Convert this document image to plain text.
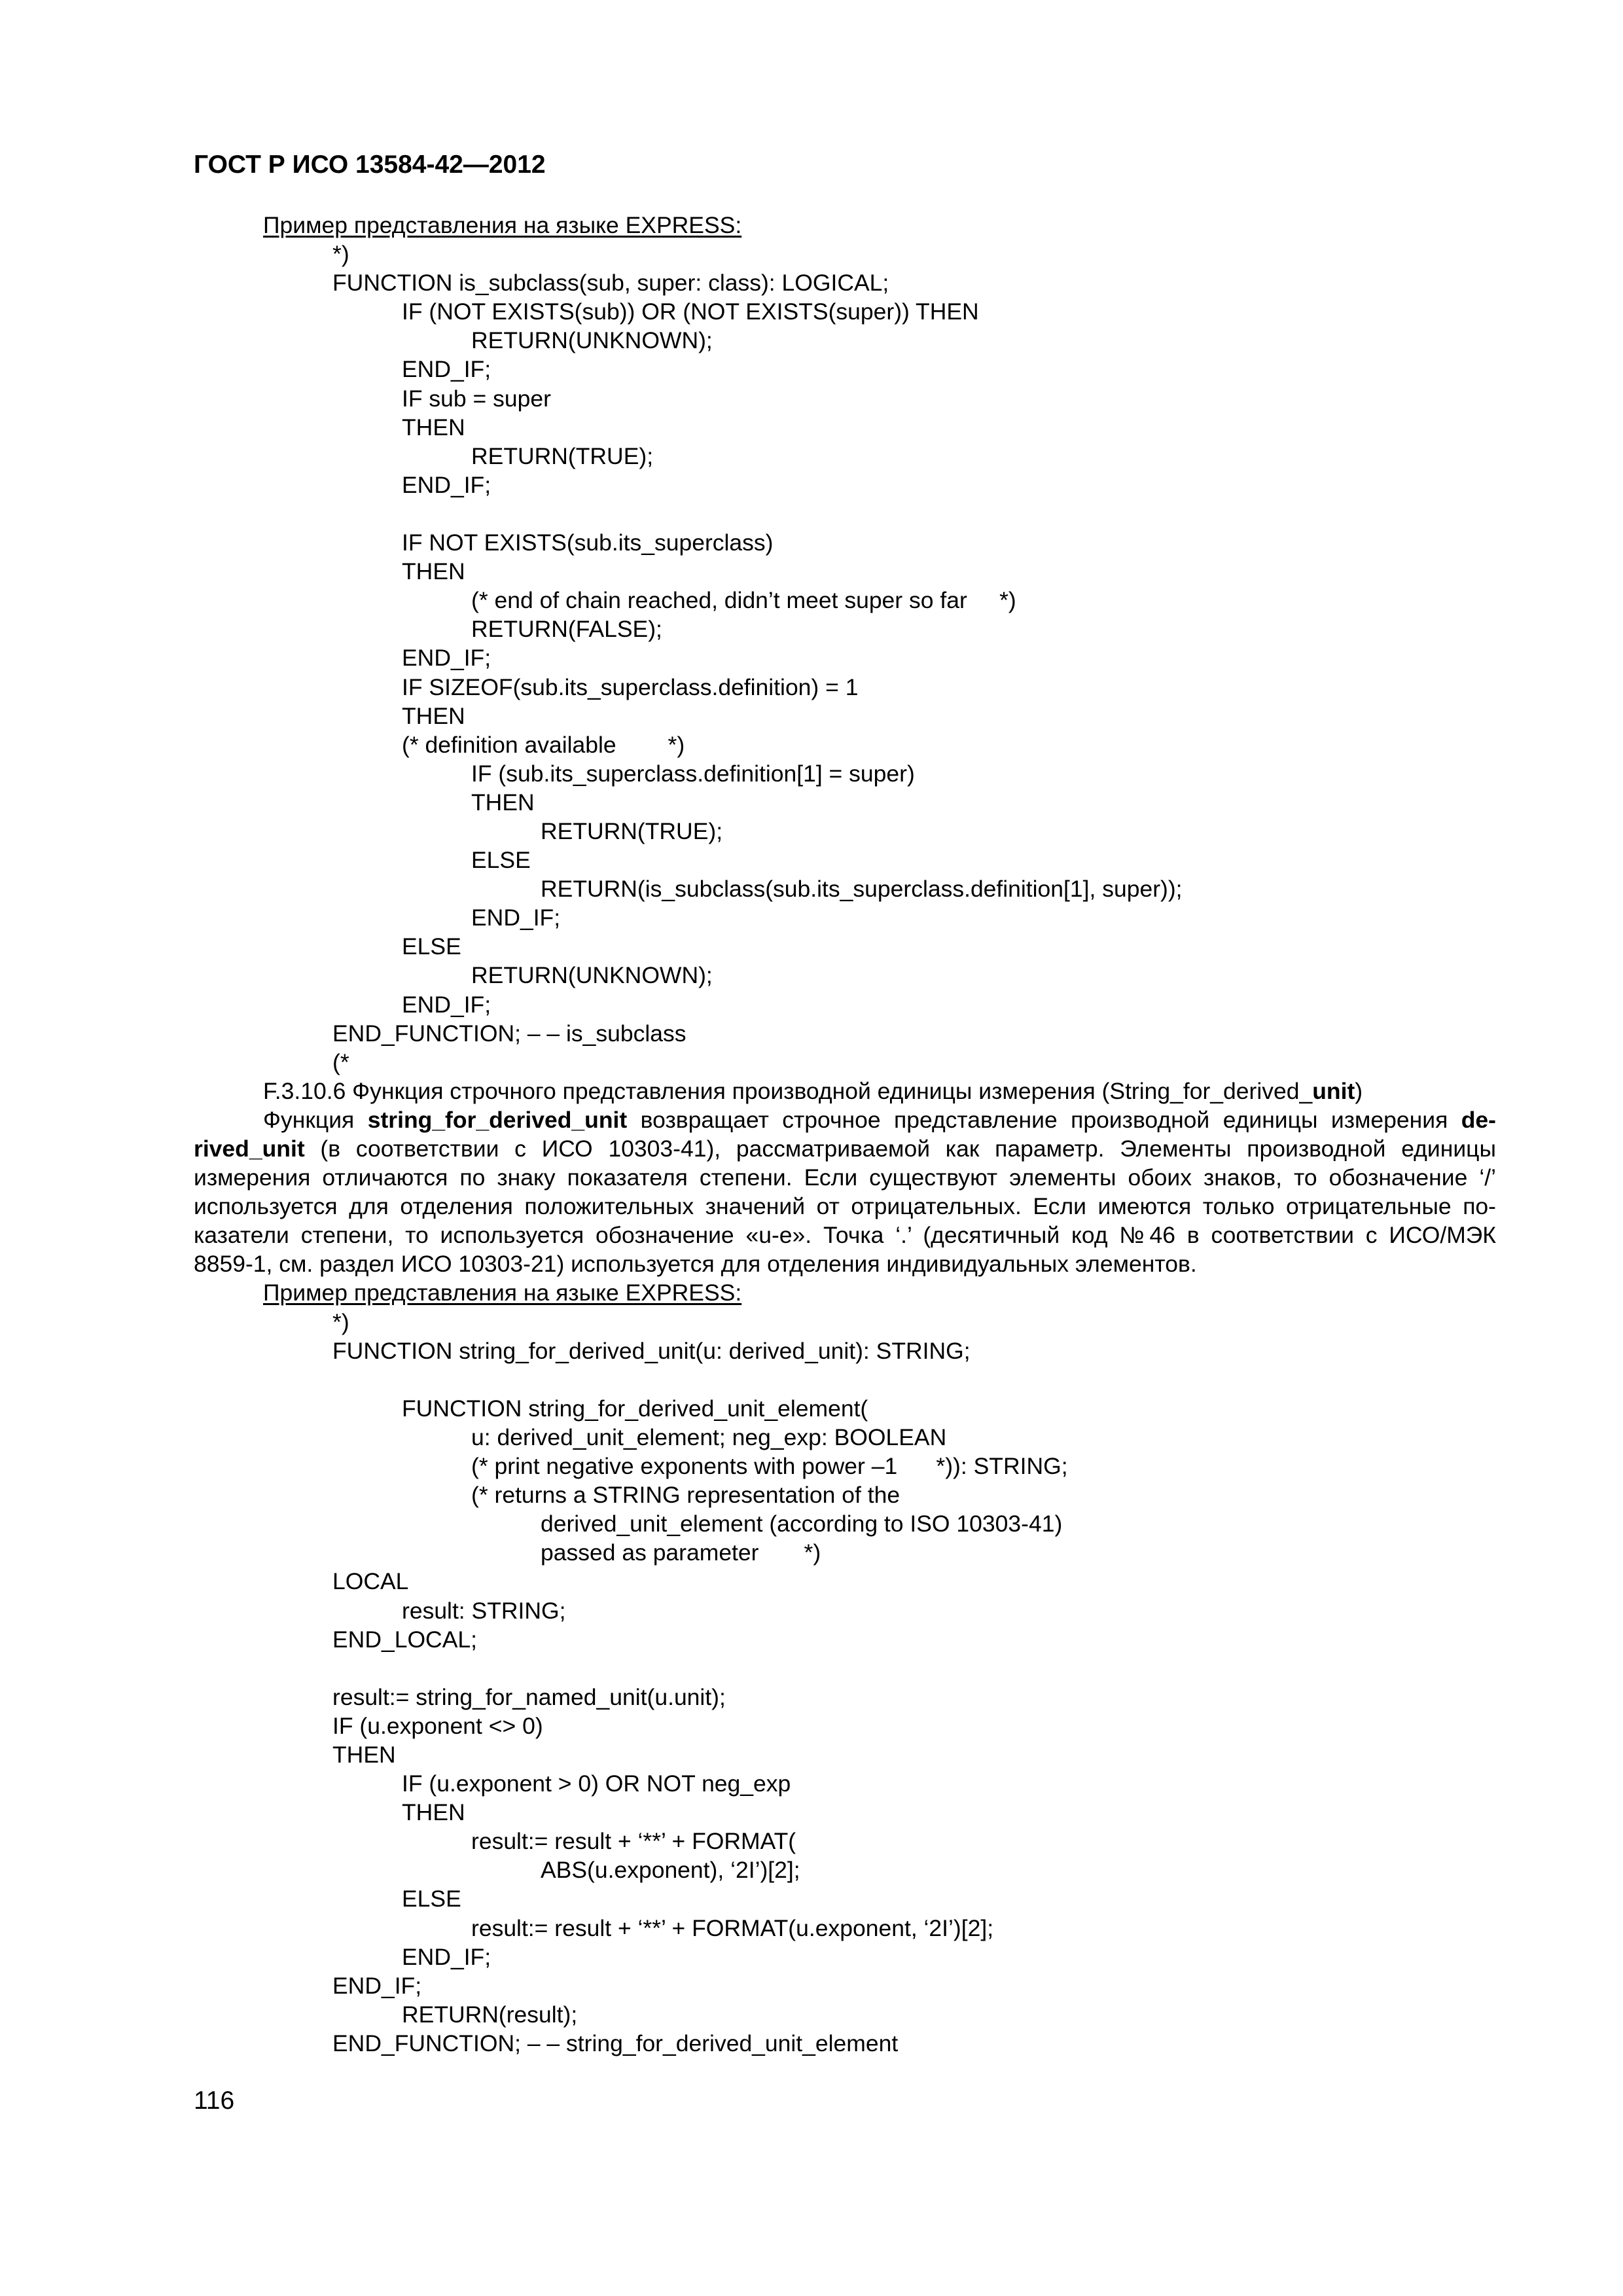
ГОСТ Р ИСО 13584-42—2012
Пример представления на языке EXPRESS:
*)
FUNCTION is_subclass(sub, super: class): LOGICAL;
IF (NOT EXISTS(sub)) OR (NOT EXISTS(super)) THEN
RETURN(UNKNOWN);
END_IF;
IF sub = super
THEN
RETURN(TRUE);
END_IF;
IF NOT EXISTS(sub.its_superclass)
THEN
(* end of chain reached, didn’t meet super so far     *)
RETURN(FALSE);
END_IF;
IF SIZEOF(sub.its_superclass.definition) = 1
THEN
(* definition available        *)
IF (sub.its_superclass.definition[1] = super)
THEN
RETURN(TRUE);
ELSE
RETURN(is_subclass(sub.its_superclass.definition[1], super));
END_IF;
ELSE
RETURN(UNKNOWN);
END_IF;
END_FUNCTION; – – is_subclass
(*
F.3.10.6 Функция строчного представления производной единицы измерения (String_for_derived_unit)
Функция string_for_derived_unit возвращает строчное представление производной единицы измерения de-
rived_unit (в соответствии с ИСО 10303-41), рассматриваемой как параметр. Элементы производной единицы
измерения отличаются по знаку показателя степени. Если существуют элементы обоих знаков, то обозначение ‘/’
используется для отделения положительных значений от отрицательных. Если имеются только отрицательные по-
казатели степени, то используется обозначение «u-e». Точка ‘.’ (десятичный код №46 в соответствии с ИСО/МЭК
8859-1, см. раздел ИСО 10303-21) используется для отделения индивидуальных элементов.
Пример представления на языке EXPRESS:
*)
FUNCTION string_for_derived_unit(u: derived_unit): STRING;
FUNCTION string_for_derived_unit_element(
u: derived_unit_element; neg_exp: BOOLEAN
(* print negative exponents with power –1      *)): STRING;
(* returns a STRING representation of the
derived_unit_element (according to ISO 10303-41)
passed as parameter       *)
LOCAL
result: STRING;
END_LOCAL;
result:= string_for_named_unit(u.unit);
IF (u.exponent <> 0)
THEN
IF (u.exponent > 0) OR NOT neg_exp
THEN
result:= result + ‘**’ + FORMAT(
ABS(u.exponent), ‘2I’)[2];
ELSE
result:= result + ‘**’ + FORMAT(u.exponent, ‘2I’)[2];
END_IF;
END_IF;
RETURN(result);
END_FUNCTION; – – string_for_derived_unit_element
116
